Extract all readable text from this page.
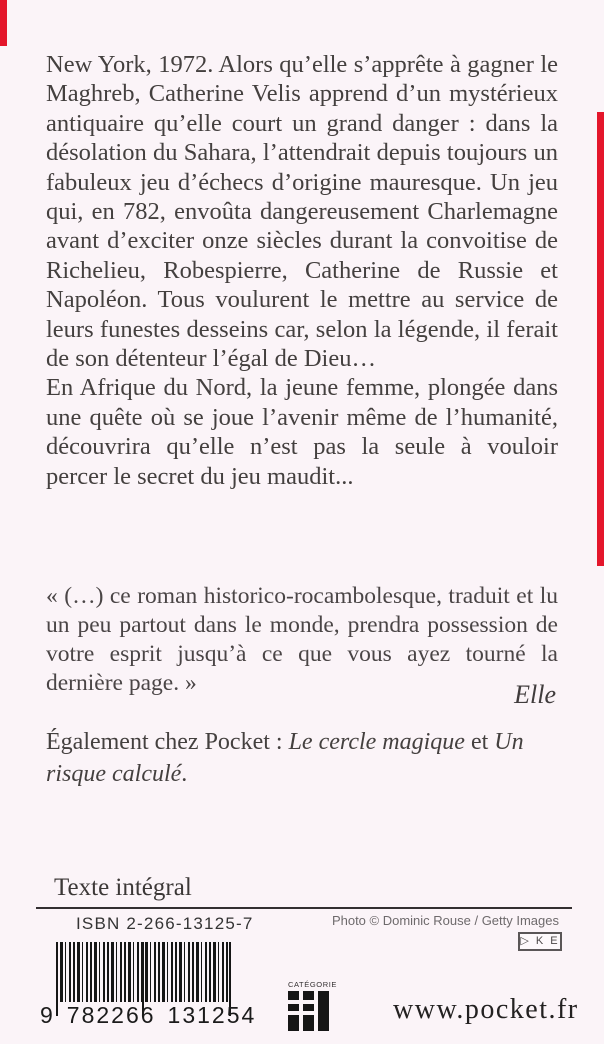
New York, 1972. Alors qu’elle s’apprête à gagner le Maghreb, Catherine Velis apprend d’un mystérieux antiquaire qu’elle court un grand danger : dans la désolation du Sahara, l’attendrait depuis toujours un fabuleux jeu d’échecs d’origine mauresque. Un jeu qui, en 782, envoûta dangereusement Charlemagne avant d’exciter onze siècles durant la convoitise de Richelieu, Robespierre, Catherine de Russie et Napoléon. Tous voulurent le mettre au service de leurs funestes desseins car, selon la légende, il ferait de son détenteur l’égal de Dieu…

En Afrique du Nord, la jeune femme, plongée dans une quête où se joue l’avenir même de l’humanité, découvrira qu’elle n’est pas la seule à vouloir percer le secret du jeu maudit...

« (…) ce roman historico-rocambolesque, traduit et lu un peu partout dans le monde, prendra possession de votre esprit jusqu’à ce que vous ayez tourné la dernière page. »	Elle
Également chez Pocket : Le cercle magique et Un risque calculé.
Texte intégral
ISBN 2-266-13125-7	Photo © Dominic Rouse / Getty Images
▷ K E
9 782266 131254
CATÉGORIE
www.pocket.fr
